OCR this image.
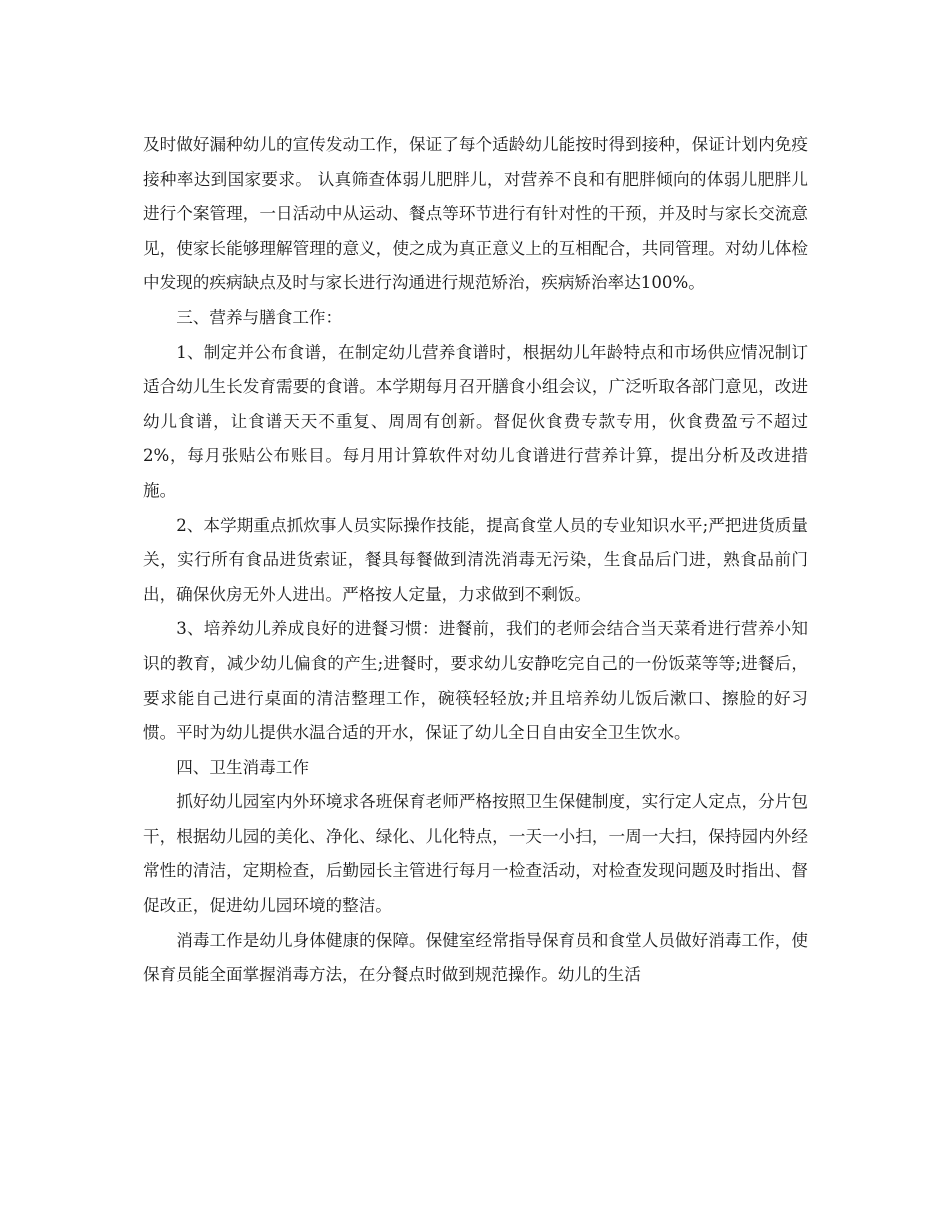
及时做好漏种幼儿的宣传发动工作，保证了每个适龄幼儿能按时得到接种，保证计划内免疫接种率达到国家要求。 认真筛查体弱儿肥胖儿，对营养不良和有肥胖倾向的体弱儿肥胖儿进行个案管理，一日活动中从运动、餐点等环节进行有针对性的干预，并及时与家长交流意见，使家长能够理解管理的意义，使之成为真正意义上的互相配合，共同管理。对幼儿体检中发现的疾病缺点及时与家长进行沟通进行规范矫治，疾病矫治率达100%。

三、营养与膳食工作：

1、制定并公布食谱，在制定幼儿营养食谱时，根据幼儿年龄特点和市场供应情况制订适合幼儿生长发育需要的食谱。本学期每月召开膳食小组会议，广泛听取各部门意见，改进幼儿食谱，让食谱天天不重复、周周有创新。督促伙食费专款专用，伙食费盈亏不超过2%，每月张贴公布账目。每月用计算软件对幼儿食谱进行营养计算，提出分析及改进措施。

2、本学期重点抓炊事人员实际操作技能，提高食堂人员的专业知识水平;严把进货质量关，实行所有食品进货索证，餐具每餐做到清洗消毒无污染，生食品后门进，熟食品前门出，确保伙房无外人进出。严格按人定量，力求做到不剩饭。

3、培养幼儿养成良好的进餐习惯：进餐前，我们的老师会结合当天菜肴进行营养小知识的教育，减少幼儿偏食的产生;进餐时，要求幼儿安静吃完自己的一份饭菜等等;进餐后，要求能自己进行桌面的清洁整理工作，碗筷轻轻放;并且培养幼儿饭后漱口、擦脸的好习惯。平时为幼儿提供水温合适的开水，保证了幼儿全日自由安全卫生饮水。

四、卫生消毒工作

抓好幼儿园室内外环境求各班保育老师严格按照卫生保健制度，实行定人定点，分片包干，根据幼儿园的美化、净化、绿化、儿化特点，一天一小扫，一周一大扫，保持园内外经常性的清洁，定期检查，后勤园长主管进行每月一检查活动，对检查发现问题及时指出、督促改正，促进幼儿园环境的整洁。

消毒工作是幼儿身体健康的保障。保健室经常指导保育员和食堂人员做好消毒工作，使保育员能全面掌握消毒方法，在分餐点时做到规范操作。幼儿的生活
